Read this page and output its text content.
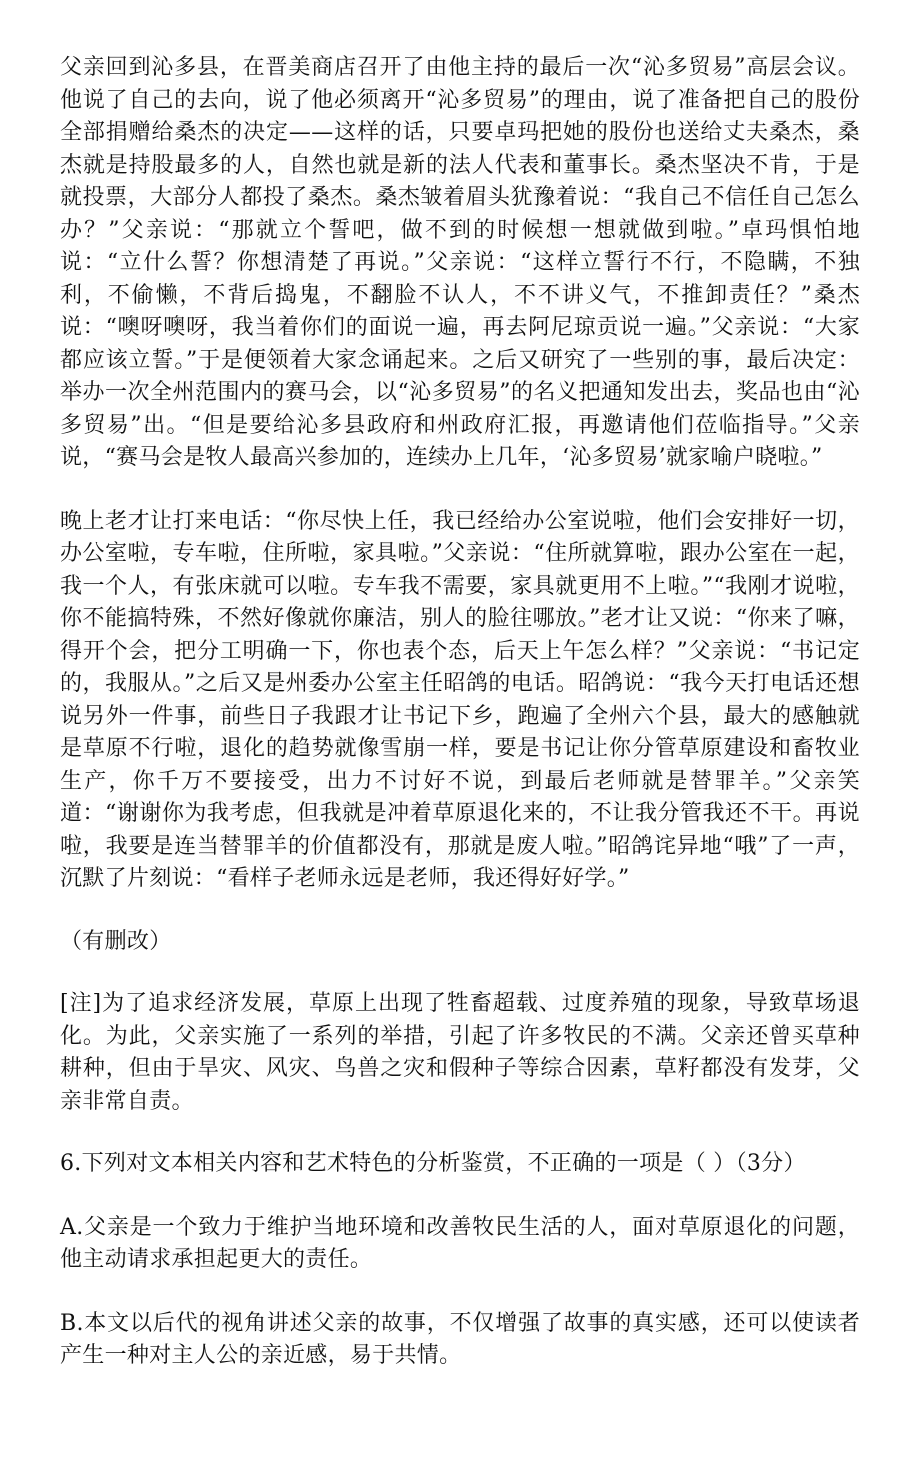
父亲回到沁多县，在晋美商店召开了由他主持的最后一次“沁多贸易”高层会议。他说了自己的去向，说了他必须离开“沁多贸易”的理由，说了准备把自己的股份全部捐赠给桑杰的决定——这样的话，只要卓玛把她的股份也送给丈夫桑杰，桑杰就是持股最多的人，自然也就是新的法人代表和董事长。桑杰坚决不肯，于是就投票，大部分人都投了桑杰。桑杰皱着眉头犹豫着说：“我自己不信任自己怎么办？”父亲说：“那就立个誓吧，做不到的时候想一想就做到啦。”卓玛惧怕地说：“立什么誓？你想清楚了再说。”父亲说：“这样立誓行不行，不隐瞒，不独利，不偷懒，不背后捣鬼，不翻脸不认人，不不讲义气，不推卸责任？”桑杰说：“噢呀噢呀，我当着你们的面说一遍，再去阿尼琼贡说一遍。”父亲说：“大家都应该立誓。”于是便领着大家念诵起来。之后又研究了一些别的事，最后决定：举办一次全州范围内的赛马会，以“沁多贸易”的名义把通知发出去，奖品也由“沁多贸易”出。“但是要给沁多县政府和州政府汇报，再邀请他们莅临指导。”父亲说，“赛马会是牧人最高兴参加的，连续办上几年，‘沁多贸易’就家喻户晓啦。”

晚上老才让打来电话：“你尽快上任，我已经给办公室说啦，他们会安排好一切，办公室啦，专车啦，住所啦，家具啦。”父亲说：“住所就算啦，跟办公室在一起，我一个人，有张床就可以啦。专车我不需要，家具就更用不上啦。”“我刚才说啦，你不能搞特殊，不然好像就你廉洁，别人的脸往哪放。”老才让又说：“你来了嘛，得开个会，把分工明确一下，你也表个态，后天上午怎么样？”父亲说：“书记定的，我服从。”之后又是州委办公室主任昭鸽的电话。昭鸽说：“我今天打电话还想说另外一件事，前些日子我跟才让书记下乡，跑遍了全州六个县，最大的感触就是草原不行啦，退化的趋势就像雪崩一样，要是书记让你分管草原建设和畜牧业生产，你千万不要接受，出力不讨好不说，到最后老师就是替罪羊。”父亲笑道：“谢谢你为我考虑，但我就是冲着草原退化来的，不让我分管我还不干。再说啦，我要是连当替罪羊的价值都没有，那就是废人啦。”昭鸽诧异地“哦”了一声，沉默了片刻说：“看样子老师永远是老师，我还得好好学。”

（有删改）

[注]为了追求经济发展，草原上出现了牲畜超载、过度养殖的现象，导致草场退化。为此，父亲实施了一系列的举措，引起了许多牧民的不满。父亲还曾买草种耕种，但由于旱灾、风灾、鸟兽之灾和假种子等综合因素，草籽都没有发芽，父亲非常自责。

6.下列对文本相关内容和艺术特色的分析鉴赏，不正确的一项是（ ）（3分）

A.父亲是一个致力于维护当地环境和改善牧民生活的人，面对草原退化的问题，他主动请求承担起更大的责任。

B.本文以后代的视角讲述父亲的故事，不仅增强了故事的真实感，还可以使读者产生一种对主人公的亲近感，易于共情。
